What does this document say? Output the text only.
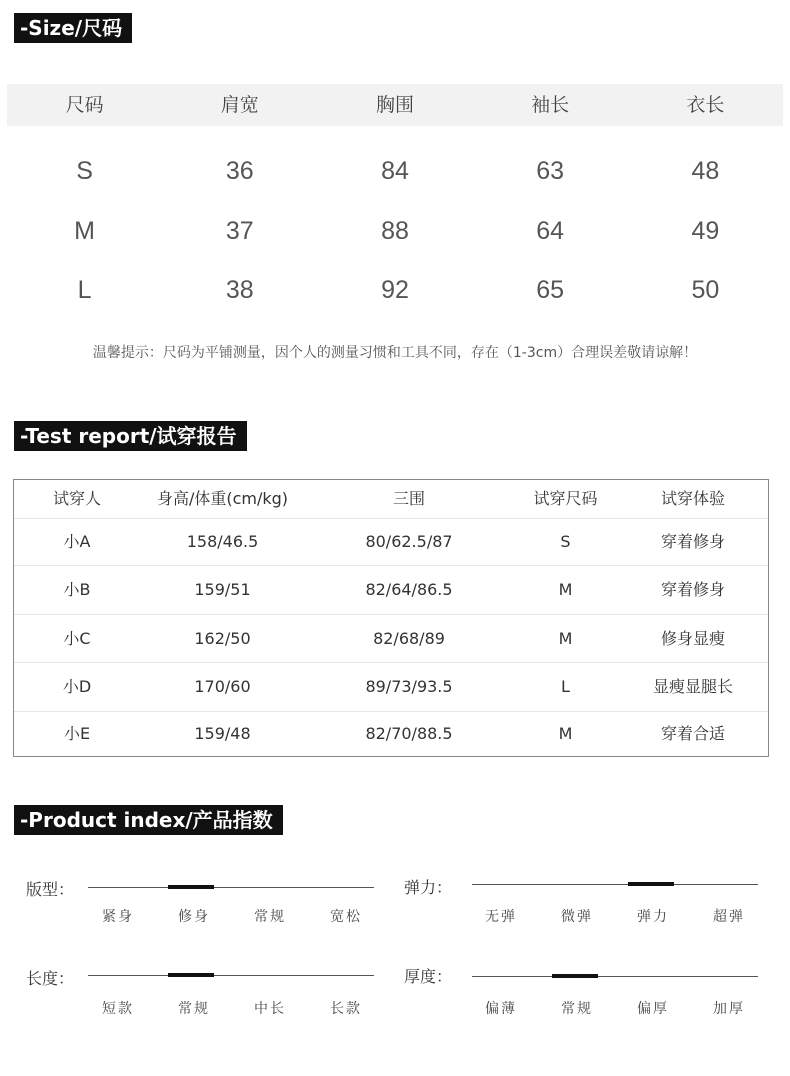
-Size/尺码
尺码	肩宽	胸围	袖长	衣长
S	36	84	63	48
M	37	88	64	49
L	38	92	65	50
温馨提示：尺码为平铺测量，因个人的测量习惯和工具不同，存在（1-3cm）合理误差敬请谅解！
-Test report/试穿报告
试穿人	身高/体重(cm/kg)	三围	试穿尺码	试穿体验
小A	158/46.5	80/62.5/87	S	穿着修身
小B	159/51	82/64/86.5	M	穿着修身
小C	162/50	82/68/89	M	修身显瘦
小D	170/60	89/73/93.5	L	显瘦显腿长
小E	159/48	82/70/88.5	M	穿着合适
-Product index/产品指数
版型：
紧身	修身	常规	宽松
弹力：
无弹	微弹	弹力	超弹
长度：
短款	常规	中长	长款
厚度：
偏薄	常规	偏厚	加厚
